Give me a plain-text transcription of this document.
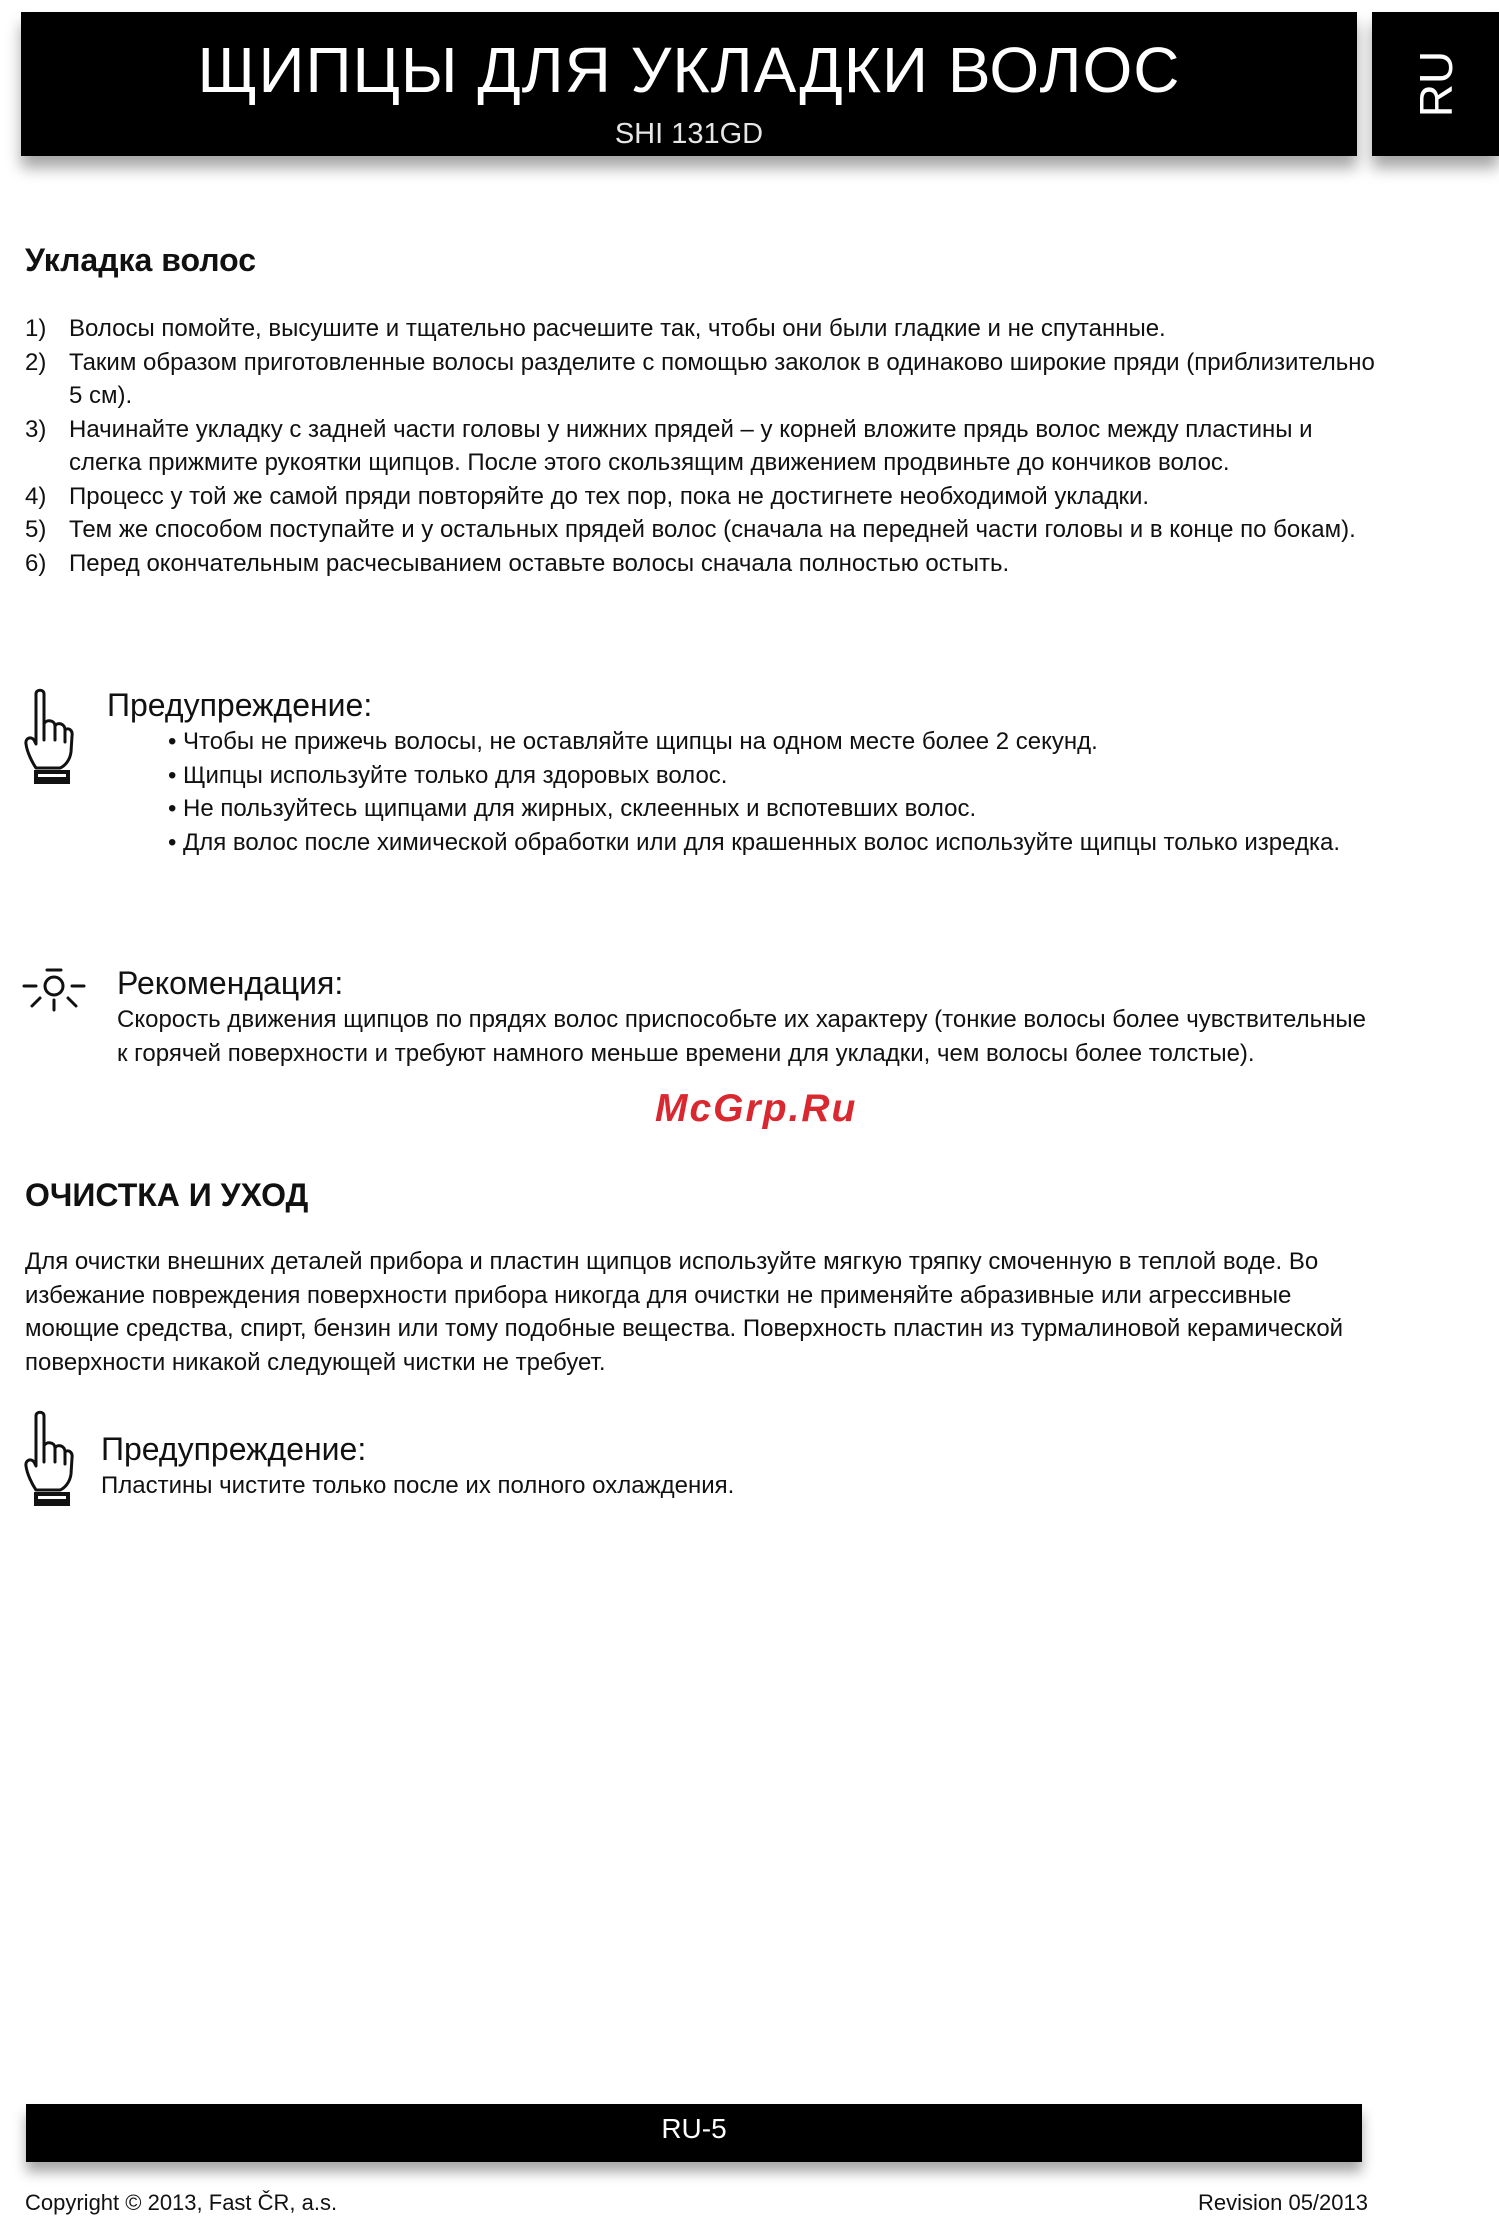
ЩИПЦЫ ДЛЯ УКЛАДКИ ВОЛОС
SHI 131GD
RU
Укладка волос
1) Волосы помойте, высушите и тщательно расчешите так, чтобы они были гладкие и не спутанные.
2) Таким образом приготовленные волосы разделите с помощью заколок в одинаково широкие пряди (приблизительно 5 см).
3) Начинайте укладку с задней части головы у нижних прядей – у корней вложите прядь волос между пластины и слегка прижмите рукоятки щипцов. После этого скользящим движением продвиньте до кончиков волос.
4) Процесс у той же самой пряди повторяйте до тех пор, пока не достигнете необходимой укладки.
5) Тем же способом поступайте и у остальных прядей волос (сначала на передней части головы и в конце по бокам).
6) Перед окончательным расчесыванием оставьте волосы сначала полностью остыть.
Предупреждение:
• Чтобы не прижечь волосы, не оставляйте щипцы на одном месте более 2 секунд.
• Щипцы используйте только для здоровых волос.
• Не пользуйтесь щипцами для жирных, склеенных и вспотевших волос.
• Для волос после химической обработки или для крашенных волос используйте щипцы только изредка.
Рекомендация:
Скорость движения щипцов по прядях волос приспособьте их характеру (тонкие волосы более чувствительные к горячей поверхности и требуют намного меньше времени для укладки, чем волосы более толстые).
McGrp.Ru
ОЧИСТКА И УХОД
Для очистки внешних деталей прибора и пластин щипцов используйте мягкую тряпку смоченную в теплой воде. Во избежание повреждения поверхности прибора никогда для очистки не применяйте абразивные или агрессивные моющие средства, спирт, бензин или тому подобные вещества. Поверхность пластин из турмалиновой керамической поверхности никакой следующей чистки не требует.
Предупреждение:
Пластины чистите только после их полного охлаждения.
RU-5
Copyright © 2013, Fast ČR, a.s.	Revision 05/2013
